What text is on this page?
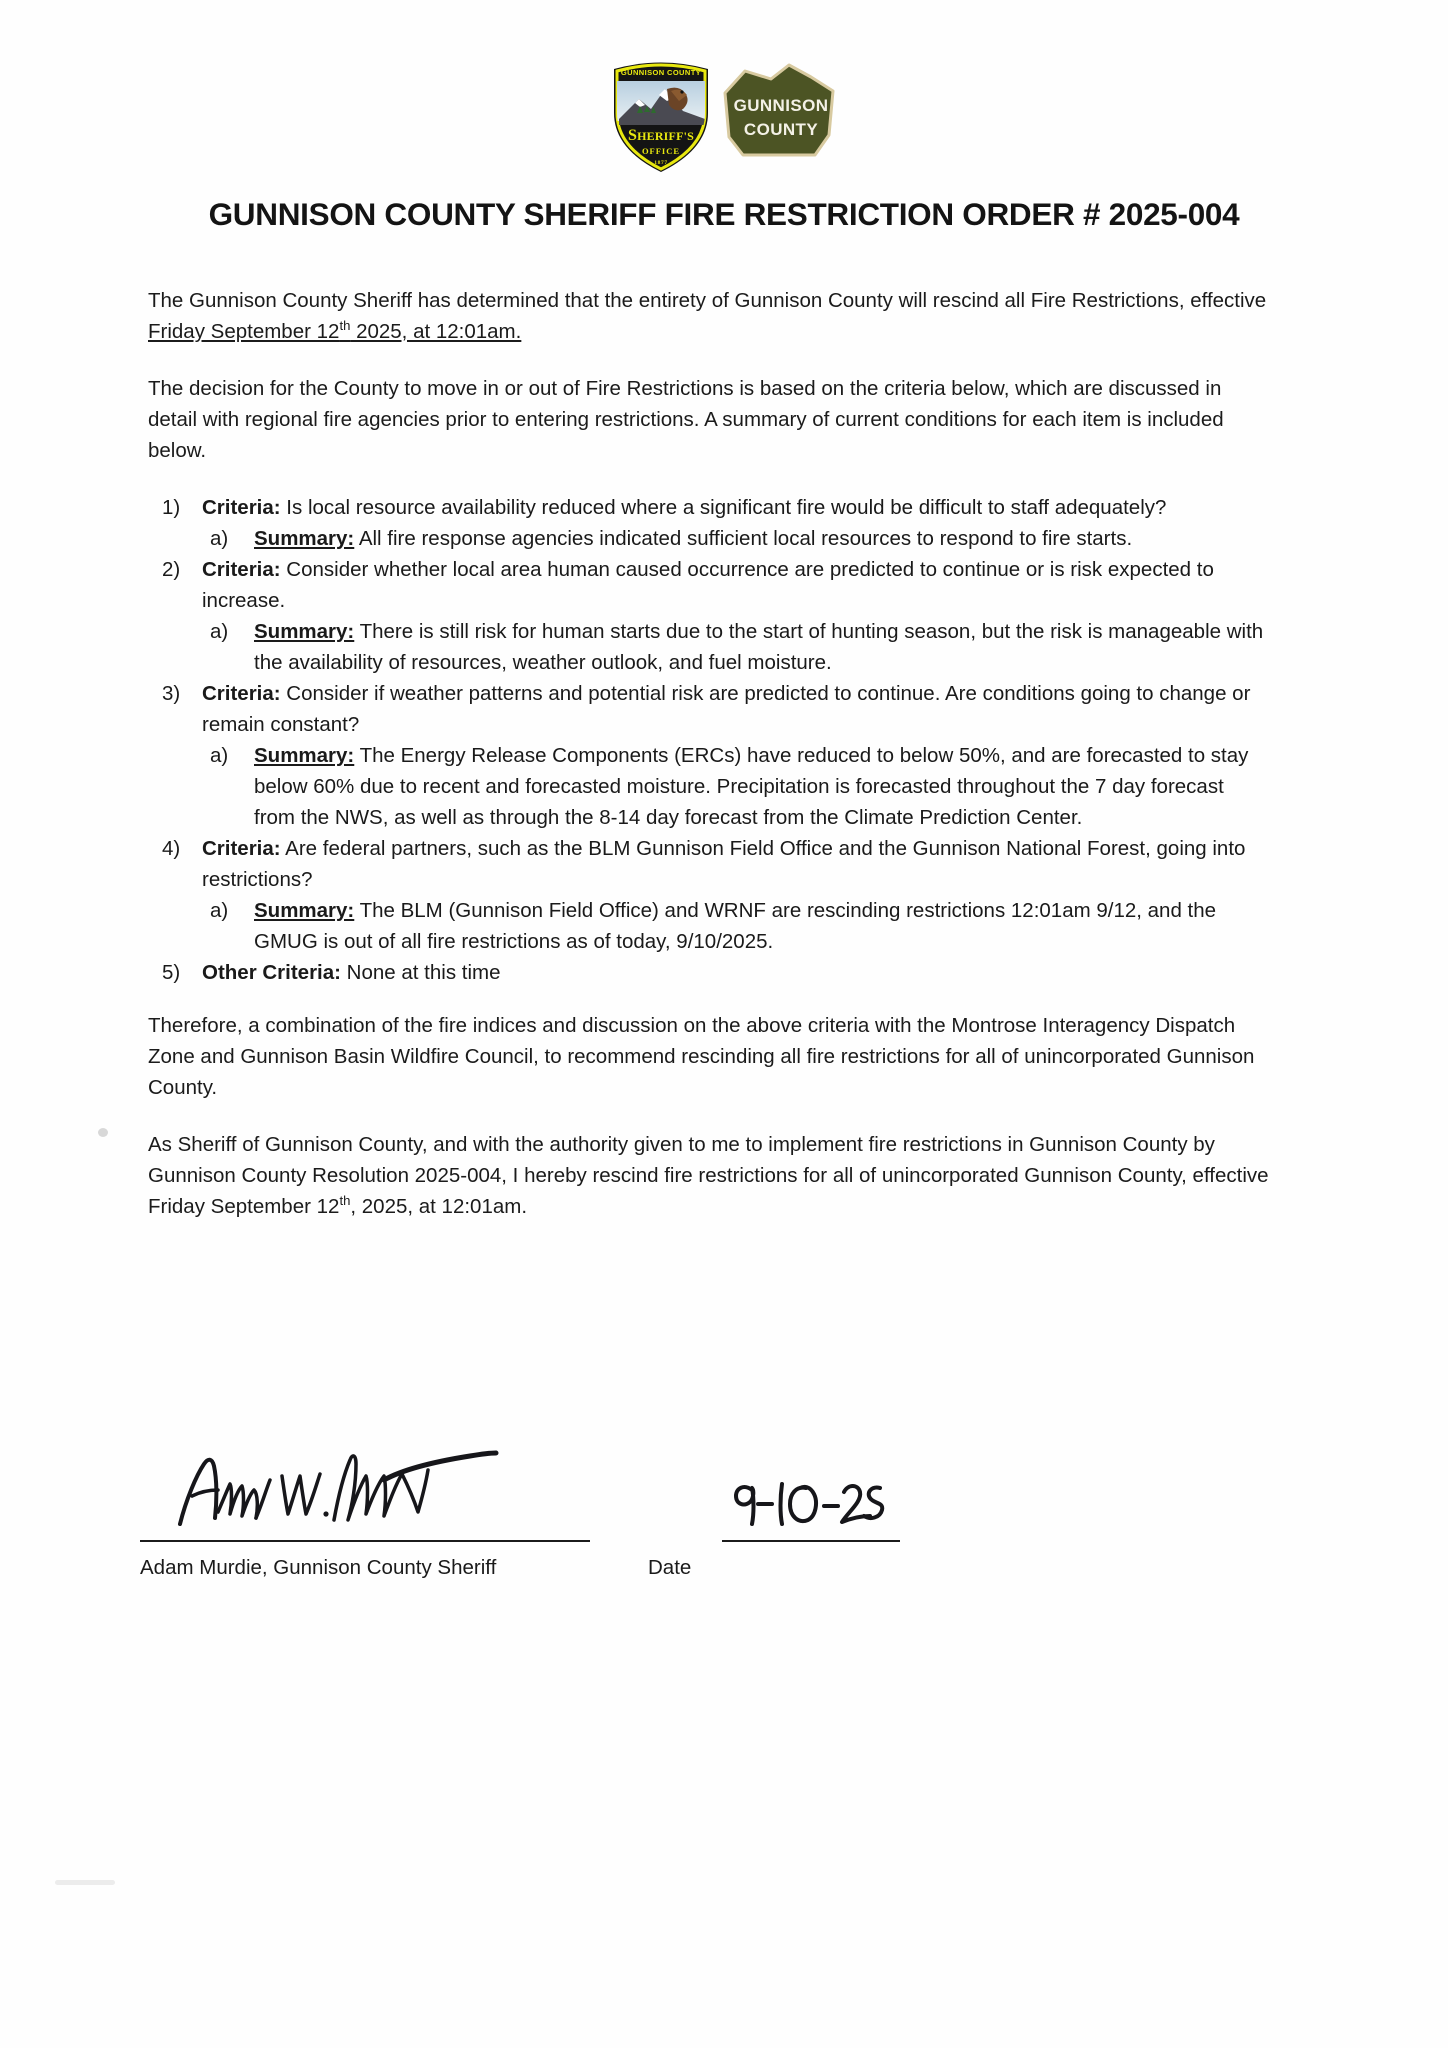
GUNNISON COUNTY
SHERIFF'S
OFFICE
1877
GUNNISON
COUNTY
GUNNISON COUNTY SHERIFF FIRE RESTRICTION ORDER # 2025-004

The Gunnison County Sheriff has determined that the entirety of Gunnison County will rescind all Fire Restrictions, effective Friday September 12th 2025, at 12:01am.

The decision for the County to move in or out of Fire Restrictions is based on the criteria below, which are discussed in detail with regional fire agencies prior to entering restrictions. A summary of current conditions for each item is included below.

1)	Criteria: Is local resource availability reduced where a significant fire would be difficult to staff adequately?
a)	Summary: All fire response agencies indicated sufficient local resources to respond to fire starts.
2)	Criteria: Consider whether local area human caused occurrence are predicted to continue or is risk expected to increase.
a)	Summary: There is still risk for human starts due to the start of hunting season, but the risk is manageable with the availability of resources, weather outlook, and fuel moisture.
3)	Criteria: Consider if weather patterns and potential risk are predicted to continue. Are conditions going to change or remain constant?
a)	Summary: The Energy Release Components (ERCs) have reduced to below 50%, and are forecasted to stay below 60% due to recent and forecasted moisture. Precipitation is forecasted throughout the 7 day forecast from the NWS, as well as through the 8-14 day forecast from the Climate Prediction Center.
4)	Criteria: Are federal partners, such as the BLM Gunnison Field Office and the Gunnison National Forest, going into restrictions?
a)	Summary: The BLM (Gunnison Field Office) and WRNF are rescinding restrictions 12:01am 9/12, and the GMUG is out of all fire restrictions as of today, 9/10/2025.
5)	Other Criteria: None at this time

Therefore, a combination of the fire indices and discussion on the above criteria with the Montrose Interagency Dispatch Zone and Gunnison Basin Wildfire Council, to recommend rescinding all fire restrictions for all of unincorporated Gunnison County.

As Sheriff of Gunnison County, and with the authority given to me to implement fire restrictions in Gunnison County by Gunnison County Resolution 2025-004, I hereby rescind fire restrictions for all of unincorporated Gunnison County, effective Friday September 12th, 2025, at 12:01am.

Adam Murdie, Gunnison County Sheriff	Date
